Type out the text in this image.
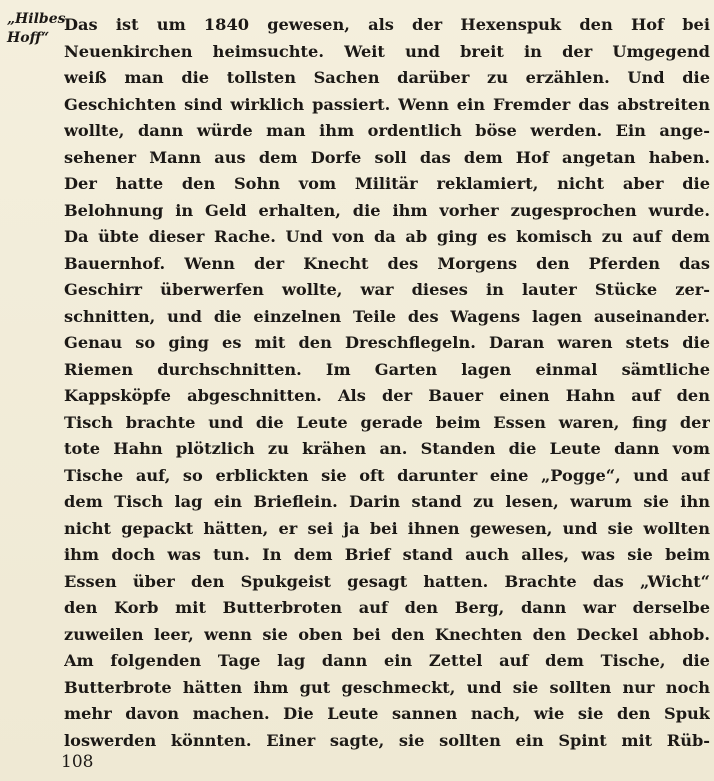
„Hilbes
Hoff“
Das ist um 1840 gewesen, als der Hexenspuk den Hof bei
Neuenkirchen heimsuchte. Weit und breit in der Umgegend
weiß man die tollsten Sachen darüber zu erzählen. Und die
Geschichten sind wirklich passiert. Wenn ein Fremder das abstreiten
wollte, dann würde man ihm ordentlich böse werden. Ein ange-
sehener Mann aus dem Dorfe soll das dem Hof angetan haben.
Der hatte den Sohn vom Militär reklamiert, nicht aber die
Belohnung in Geld erhalten, die ihm vorher zugesprochen wurde.
Da übte dieser Rache. Und von da ab ging es komisch zu auf dem
Bauernhof. Wenn der Knecht des Morgens den Pferden das
Geschirr überwerfen wollte, war dieses in lauter Stücke zer-
schnitten, und die einzelnen Teile des Wagens lagen auseinander.
Genau so ging es mit den Dreschflegeln. Daran waren stets die
Riemen durchschnitten. Im Garten lagen einmal sämtliche
Kappsköpfe abgeschnitten. Als der Bauer einen Hahn auf den
Tisch brachte und die Leute gerade beim Essen waren, fing der
tote Hahn plötzlich zu krähen an. Standen die Leute dann vom
Tische auf, so erblickten sie oft darunter eine „Pogge“, und auf
dem Tisch lag ein Brieflein. Darin stand zu lesen, warum sie ihn
nicht gepackt hätten, er sei ja bei ihnen gewesen, und sie wollten
ihm doch was tun. In dem Brief stand auch alles, was sie beim
Essen über den Spukgeist gesagt hatten. Brachte das „Wicht“
den Korb mit Butterbroten auf den Berg, dann war derselbe
zuweilen leer, wenn sie oben bei den Knechten den Deckel abhob.
Am folgenden Tage lag dann ein Zettel auf dem Tische, die
Butterbrote hätten ihm gut geschmeckt, und sie sollten nur noch
mehr davon machen. Die Leute sannen nach, wie sie den Spuk
loswerden könnten. Einer sagte, sie sollten ein Spint mit Rüb-
108
